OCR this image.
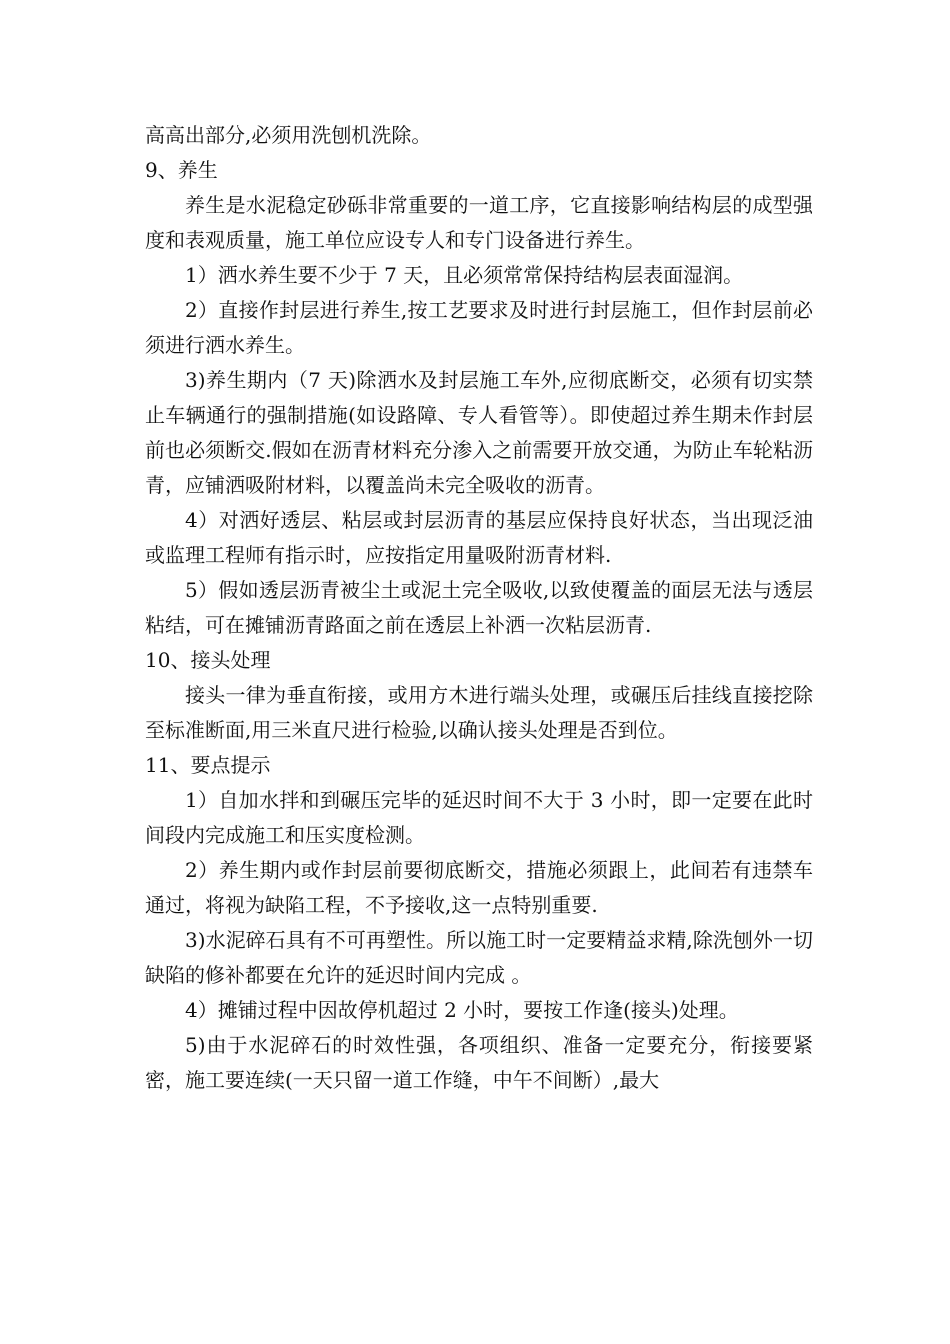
高高出部分,必须用洗刨机洗除。

9、养生

养生是水泥稳定砂砾非常重要的一道工序，它直接影响结构层的成型强度和表观质量，施工单位应设专人和专门设备进行养生。

1）洒水养生要不少于 7 天，且必须常常保持结构层表面湿润。

2）直接作封层进行养生,按工艺要求及时进行封层施工，但作封层前必须进行洒水养生。

3)养生期内（7 天)除洒水及封层施工车外,应彻底断交，必须有切实禁止车辆通行的强制措施(如设路障、专人看管等）。即使超过养生期未作封层前也必须断交.假如在沥青材料充分渗入之前需要开放交通，为防止车轮粘沥青，应铺洒吸附材料，以覆盖尚未完全吸收的沥青。

4）对洒好透层、粘层或封层沥青的基层应保持良好状态，当出现泛油或监理工程师有指示时，应按指定用量吸附沥青材料.

5）假如透层沥青被尘土或泥土完全吸收,以致使覆盖的面层无法与透层粘结，可在摊铺沥青路面之前在透层上补洒一次粘层沥青.

10、接头处理

接头一律为垂直衔接，或用方木进行端头处理，或碾压后挂线直接挖除至标准断面,用三米直尺进行检验,以确认接头处理是否到位。

11、要点提示

1）自加水拌和到碾压完毕的延迟时间不大于 3 小时，即一定要在此时间段内完成施工和压实度检测。

2）养生期内或作封层前要彻底断交，措施必须跟上，此间若有违禁车通过，将视为缺陷工程，不予接收,这一点特别重要.

3)水泥碎石具有不可再塑性。所以施工时一定要精益求精,除洗刨外一切缺陷的修补都要在允许的延迟时间内完成 。

4）摊铺过程中因故停机超过 2 小时，要按工作逢(接头)处理。

5)由于水泥碎石的时效性强，各项组织、准备一定要充分，衔接要紧密，施工要连续(一天只留一道工作缝，中午不间断）,最大
